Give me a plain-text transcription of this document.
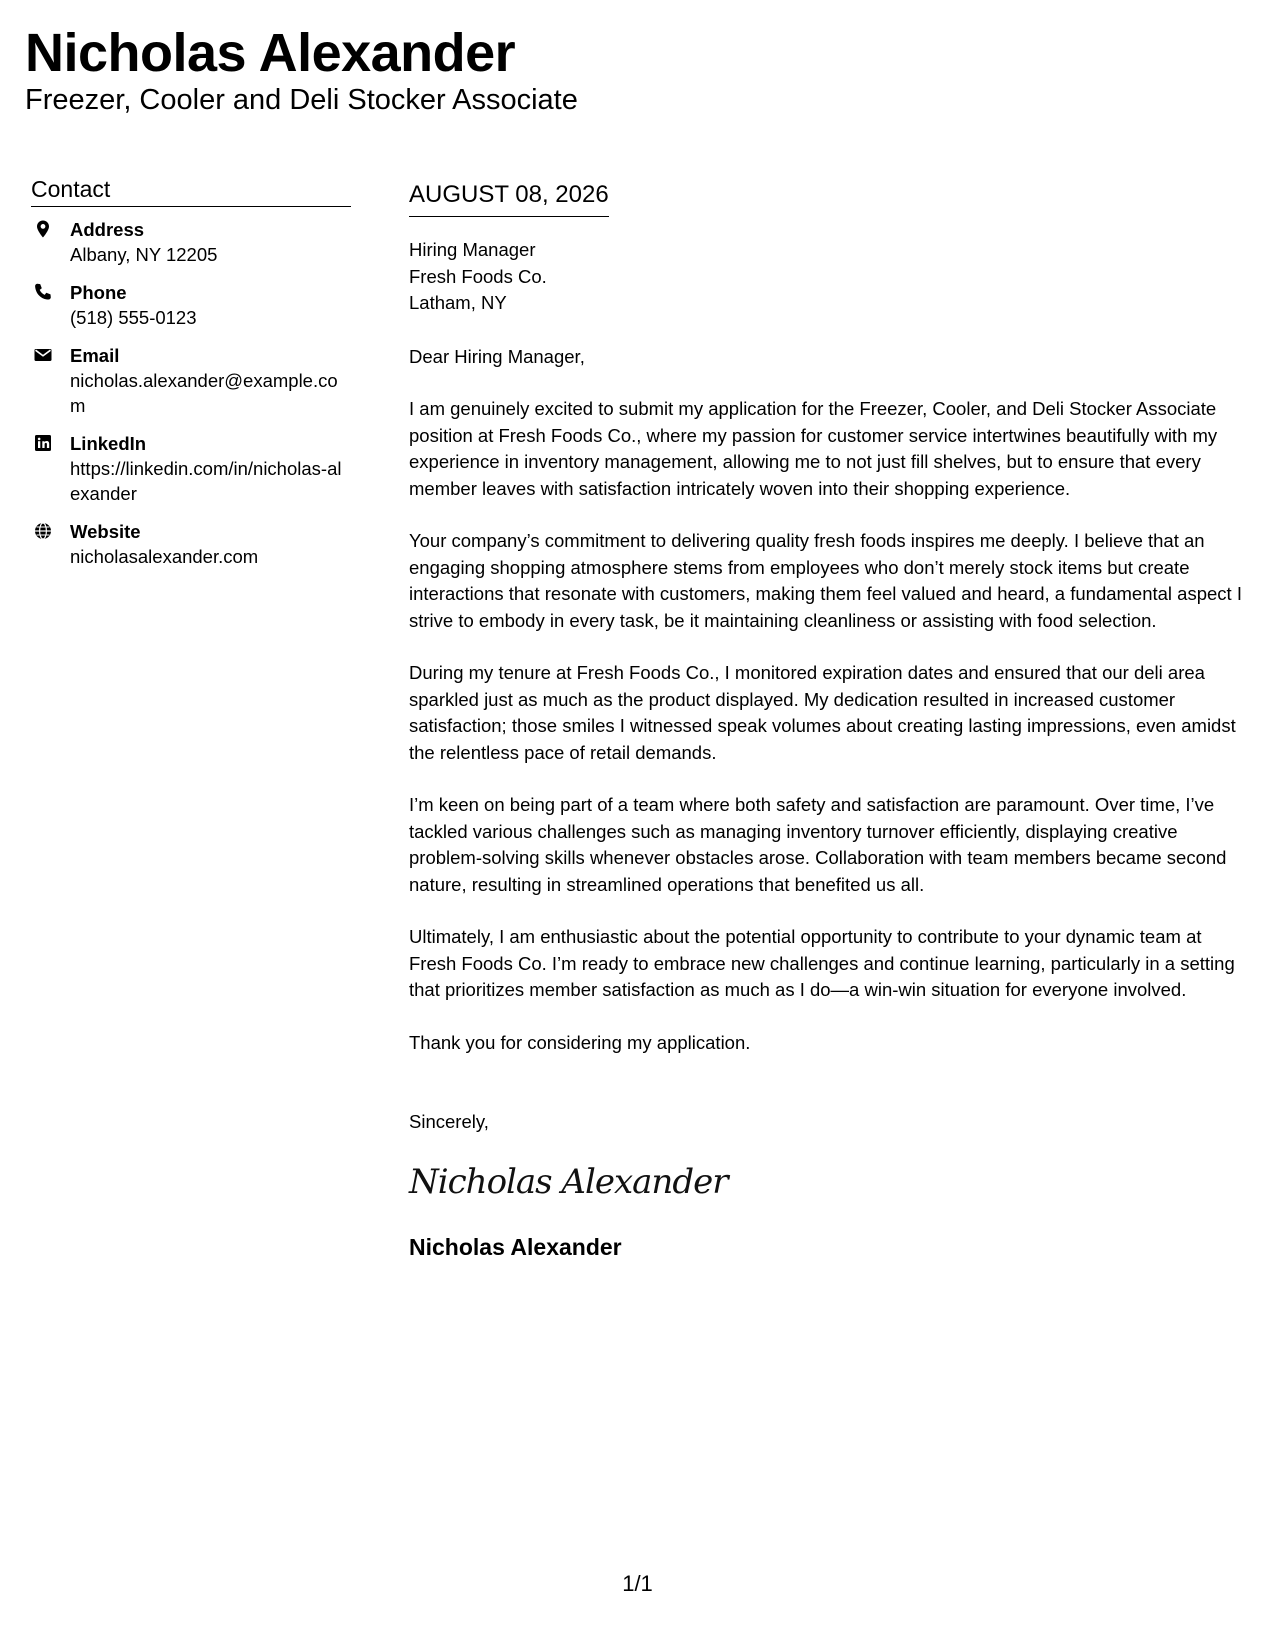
Nicholas Alexander
Freezer, Cooler and Deli Stocker Associate
Contact
Address
Albany, NY 12205
Phone
(518) 555-0123
Email
nicholas.alexander@example.com
LinkedIn
https://linkedin.com/in/nicholas-alexander
Website
nicholasalexander.com
AUGUST 08, 2026
Hiring Manager
Fresh Foods Co.
Latham, NY
Dear Hiring Manager,
I am genuinely excited to submit my application for the Freezer, Cooler, and Deli Stocker Associate position at Fresh Foods Co., where my passion for customer service intertwines beautifully with my experience in inventory management, allowing me to not just fill shelves, but to ensure that every member leaves with satisfaction intricately woven into their shopping experience.
Your company’s commitment to delivering quality fresh foods inspires me deeply. I believe that an engaging shopping atmosphere stems from employees who don’t merely stock items but create interactions that resonate with customers, making them feel valued and heard, a fundamental aspect I strive to embody in every task, be it maintaining cleanliness or assisting with food selection.
During my tenure at Fresh Foods Co., I monitored expiration dates and ensured that our deli area sparkled just as much as the product displayed. My dedication resulted in increased customer satisfaction; those smiles I witnessed speak volumes about creating lasting impressions, even amidst the relentless pace of retail demands.
I’m keen on being part of a team where both safety and satisfaction are paramount. Over time, I’ve tackled various challenges such as managing inventory turnover efficiently, displaying creative problem-solving skills whenever obstacles arose. Collaboration with team members became second nature, resulting in streamlined operations that benefited us all.
Ultimately, I am enthusiastic about the potential opportunity to contribute to your dynamic team at Fresh Foods Co. I’m ready to embrace new challenges and continue learning, particularly in a setting that prioritizes member satisfaction as much as I do—a win-win situation for everyone involved.
Thank you for considering my application.
Sincerely,
Nicholas Alexander
Nicholas Alexander
1/1
